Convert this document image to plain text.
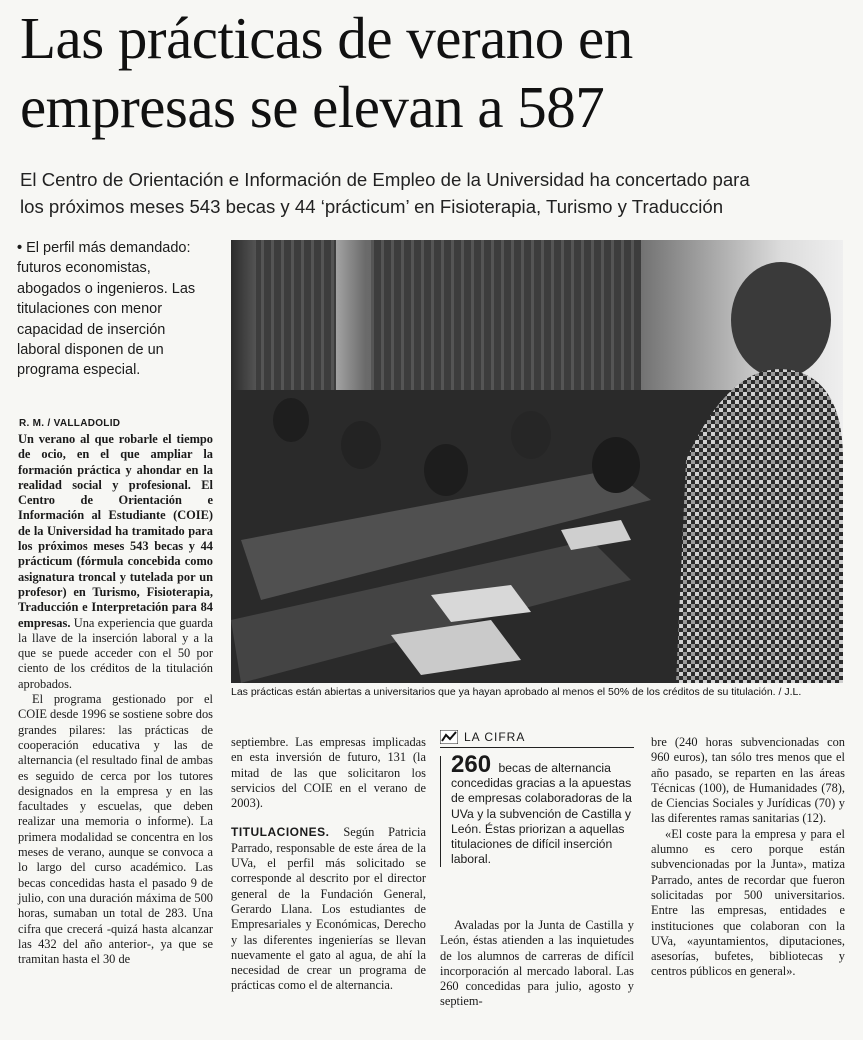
Las prácticas de verano en
empresas se elevan a 587
El Centro de Orientación e Información de Empleo de la Universidad ha concertado para
los próximos meses 543 becas y 44 ‘prácticum’ en Fisioterapia, Turismo y Traducción
• El perfil más demandado: futuros economistas, abogados o ingenieros. Las titulaciones con menor capacidad de inserción laboral disponen de un programa especial.
R. M. / VALLADOLID

Un verano al que robarle el tiempo de ocio, en el que ampliar la formación práctica y ahondar en la realidad social y profesional. El Centro de Orientación e Información al Estudiante (COIE) de la Universidad ha tramitado para los próximos meses 543 becas y 44 prácticum (fórmula concebida como asignatura troncal y tutelada por un profesor) en Turismo, Fisioterapia, Traducción e Interpretación para 84 empresas. Una experiencia que guarda la llave de la inserción laboral y a la que se puede acceder con el 50 por ciento de los créditos de la titulación aprobados.

El programa gestionado por el COIE desde 1996 se sostiene sobre dos grandes pilares: las prácticas de cooperación educativa y las de alternancia (el resultado final de ambas es seguido de cerca por los tutores designados en la empresa y en las facultades y escuelas, que deben realizar una memoria o informe). La primera modalidad se concentra en los meses de verano, aunque se convoca a lo largo del curso académico. Las becas concedidas hasta el pasado 9 de julio, con una duración máxima de 500 horas, sumaban un total de 283. Una cifra que crecerá -quizá hasta alcanzar las 432 del año anterior-, ya que se tramitan hasta el 30 de

Las prácticas están abiertas a universitarios que ya hayan aprobado al menos el 50% de los créditos de su titulación. / J.L.

septiembre. Las empresas implicadas en esta inversión de futuro, 131 (la mitad de las que solicitaron los servicios del COIE en el verano de 2003).

TITULACIONES. Según Patricia Parrado, responsable de este área de la UVa, el perfil más solicitado se corresponde al descrito por el director general de la Fundación General, Gerardo Llana. Los estudiantes de Empresariales y Económicas, Derecho y las diferentes ingenierías se llevan nuevamente el gato al agua, de ahí la necesidad de crear un programa de prácticas como el de alternancia.

LA CIFRA
260 becas de alternancia concedidas gracias a la apuestas de empresas colaboradoras de la UVa y la subvención de Castilla y León. Éstas priorizan a aquellas titulaciones de difícil inserción laboral.

Avaladas por la Junta de Castilla y León, éstas atienden a las inquietudes de los alumnos de carreras de difícil incorporación al mercado laboral. Las 260 concedidas para julio, agosto y septiem-

bre (240 horas subvencionadas con 960 euros), tan sólo tres menos que el año pasado, se reparten en las áreas Técnicas (100), de Humanidades (78), de Ciencias Sociales y Jurídicas (70) y las diferentes ramas sanitarias (12).

«El coste para la empresa y para el alumno es cero porque están subvencionadas por la Junta», matiza Parrado, antes de recordar que fueron solicitadas por 500 universitarios. Entre las empresas, entidades e instituciones que colaboran con la UVa, «ayuntamientos, diputaciones, asesorías, bufetes, bibliotecas y centros públicos en general».
